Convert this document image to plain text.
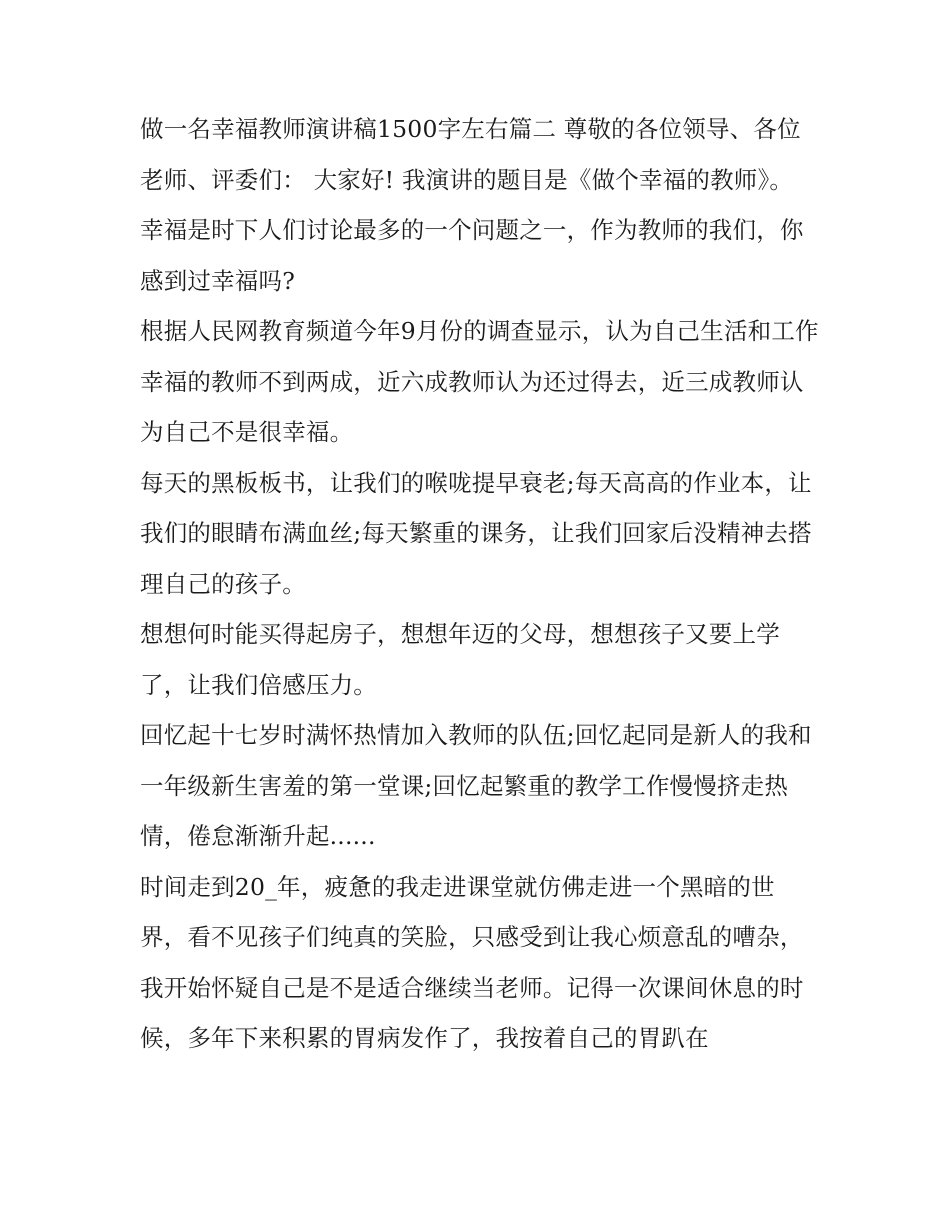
做一名幸福教师演讲稿1500字左右篇二 尊敬的各位领导、各位老师、评委们： 大家好! 我演讲的题目是《做个幸福的教师》。

幸福是时下人们讨论最多的一个问题之一，作为教师的我们，你感到过幸福吗?

根据人民网教育频道今年9月份的调查显示，认为自己生活和工作幸福的教师不到两成，近六成教师认为还过得去，近三成教师认为自己不是很幸福。

每天的黑板板书，让我们的喉咙提早衰老;每天高高的作业本，让我们的眼睛布满血丝;每天繁重的课务，让我们回家后没精神去搭理自己的孩子。

想想何时能买得起房子，想想年迈的父母，想想孩子又要上学了，让我们倍感压力。

回忆起十七岁时满怀热情加入教师的队伍;回忆起同是新人的我和一年级新生害羞的第一堂课;回忆起繁重的教学工作慢慢挤走热情，倦怠渐渐升起......

时间走到20_年，疲惫的我走进课堂就仿佛走进一个黑暗的世界，看不见孩子们纯真的笑脸，只感受到让我心烦意乱的嘈杂，我开始怀疑自己是不是适合继续当老师。记得一次课间休息的时候，多年下来积累的胃病发作了，我按着自己的胃趴在
